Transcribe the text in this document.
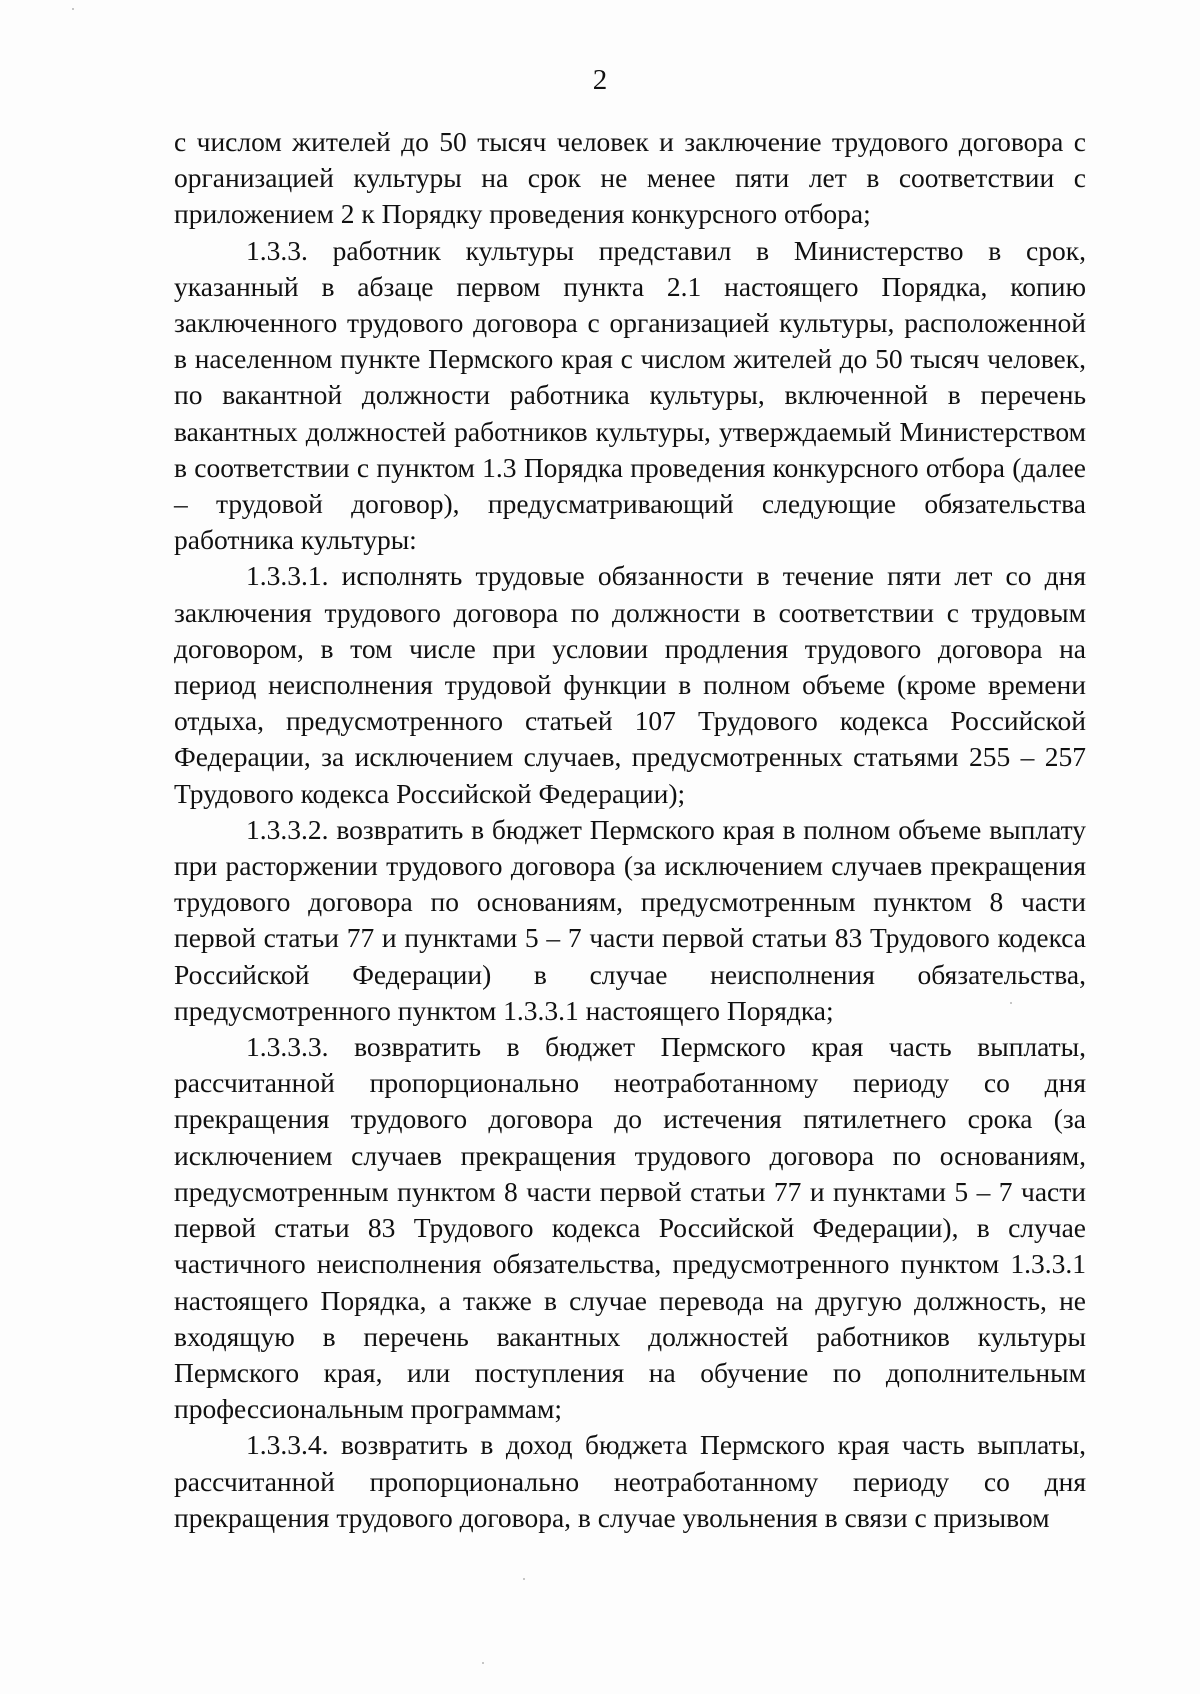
2

с числом жителей до 50 тысяч человек и заключение трудового договора с организацией культуры на срок не менее пяти лет в соответствии с приложением 2 к Порядку проведения конкурсного отбора;

1.3.3. работник культуры представил в Министерство в срок, указанный в абзаце первом пункта 2.1 настоящего Порядка, копию заключенного трудового договора с организацией культуры, расположенной в населенном пункте Пермского края с числом жителей до 50 тысяч человек, по вакантной должности работника культуры, включенной в перечень вакантных должностей работников культуры, утверждаемый Министерством в соответствии с пунктом 1.3 Порядка проведения конкурсного отбора (далее – трудовой договор), предусматривающий следующие обязательства работника культуры:

1.3.3.1. исполнять трудовые обязанности в течение пяти лет со дня заключения трудового договора по должности в соответствии с трудовым договором, в том числе при условии продления трудового договора на период неисполнения трудовой функции в полном объеме (кроме времени отдыха, предусмотренного статьей 107 Трудового кодекса Российской Федерации, за исключением случаев, предусмотренных статьями 255 – 257 Трудового кодекса Российской Федерации);

1.3.3.2. возвратить в бюджет Пермского края в полном объеме выплату при расторжении трудового договора (за исключением случаев прекращения трудового договора по основаниям, предусмотренным пунктом 8 части первой статьи 77 и пунктами 5 – 7 части первой статьи 83 Трудового кодекса Российской Федерации) в случае неисполнения обязательства, предусмотренного пунктом 1.3.3.1 настоящего Порядка;

1.3.3.3. возвратить в бюджет Пермского края часть выплаты, рассчитанной пропорционально неотработанному периоду со дня прекращения трудового договора до истечения пятилетнего срока (за исключением случаев прекращения трудового договора по основаниям, предусмотренным пунктом 8 части первой статьи 77 и пунктами 5 – 7 части первой статьи 83 Трудового кодекса Российской Федерации), в случае частичного неисполнения обязательства, предусмотренного пунктом 1.3.3.1 настоящего Порядка, а также в случае перевода на другую должность, не входящую в перечень вакантных должностей работников культуры Пермского края, или поступления на обучение по дополнительным профессиональным программам;

1.3.3.4. возвратить в доход бюджета Пермского края часть выплаты, рассчитанной пропорционально неотработанному периоду со дня прекращения трудового договора, в случае увольнения в связи с призывом
